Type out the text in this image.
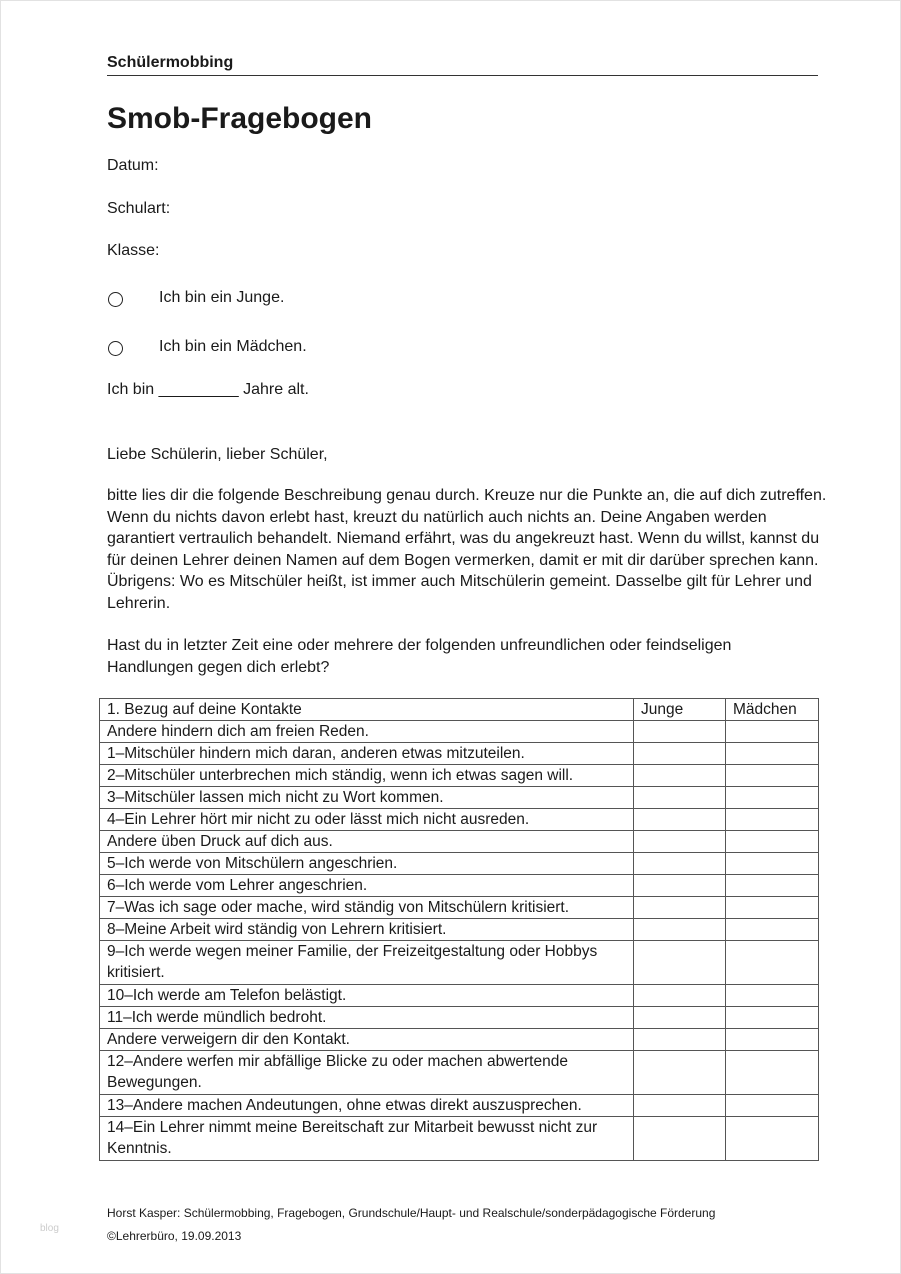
Schülermobbing
Smob-Fragebogen
Datum:
Schulart:
Klasse:
Ich bin ein Junge.
Ich bin ein Mädchen.
Ich bin _________ Jahre alt.
Liebe Schülerin, lieber Schüler,
bitte lies dir die folgende Beschreibung genau durch. Kreuze nur die Punkte an, die auf dich zutreffen. Wenn du nichts davon erlebt hast, kreuzt du natürlich auch nichts an. Deine Angaben werden garantiert vertraulich behandelt. Niemand erfährt, was du angekreuzt hast. Wenn du willst, kannst du für deinen Lehrer deinen Namen auf dem Bogen vermerken, damit er mit dir darüber sprechen kann. Übrigens: Wo es Mitschüler heißt, ist immer auch Mitschülerin gemeint. Dasselbe gilt für Lehrer und Lehrerin.
Hast du in letzter Zeit eine oder mehrere der folgenden unfreundlichen oder feindseligen Handlungen gegen dich erlebt?
1. Bezug auf deine Kontakte	Junge	Mädchen
Andere hindern dich am freien Reden.		
1–Mitschüler hindern mich daran, anderen etwas mitzuteilen.		
2–Mitschüler unterbrechen mich ständig, wenn ich etwas sagen will.		
3–Mitschüler lassen mich nicht zu Wort kommen.		
4–Ein Lehrer hört mir nicht zu oder lässt mich nicht ausreden.		
Andere üben Druck auf dich aus.		
5–Ich werde von Mitschülern angeschrien.		
6–Ich werde vom Lehrer angeschrien.		
7–Was ich sage oder mache, wird ständig von Mitschülern kritisiert.		
8–Meine Arbeit wird ständig von Lehrern kritisiert.		
9–Ich werde wegen meiner Familie, der Freizeitgestaltung oder Hobbys kritisiert.		
10–Ich werde am Telefon belästigt.		
11–Ich werde mündlich bedroht.		
Andere verweigern dir den Kontakt.		
12–Andere werfen mir abfällige Blicke zu oder machen abwertende Bewegungen.		
13–Andere machen Andeutungen, ohne etwas direkt auszusprechen.		
14–Ein Lehrer nimmt meine Bereitschaft zur Mitarbeit bewusst nicht zur Kenntnis.		
Horst Kasper: Schülermobbing, Fragebogen, Grundschule/Haupt- und Realschule/sonderpädagogische Förderung
©Lehrerbüro, 19.09.2013
blog
